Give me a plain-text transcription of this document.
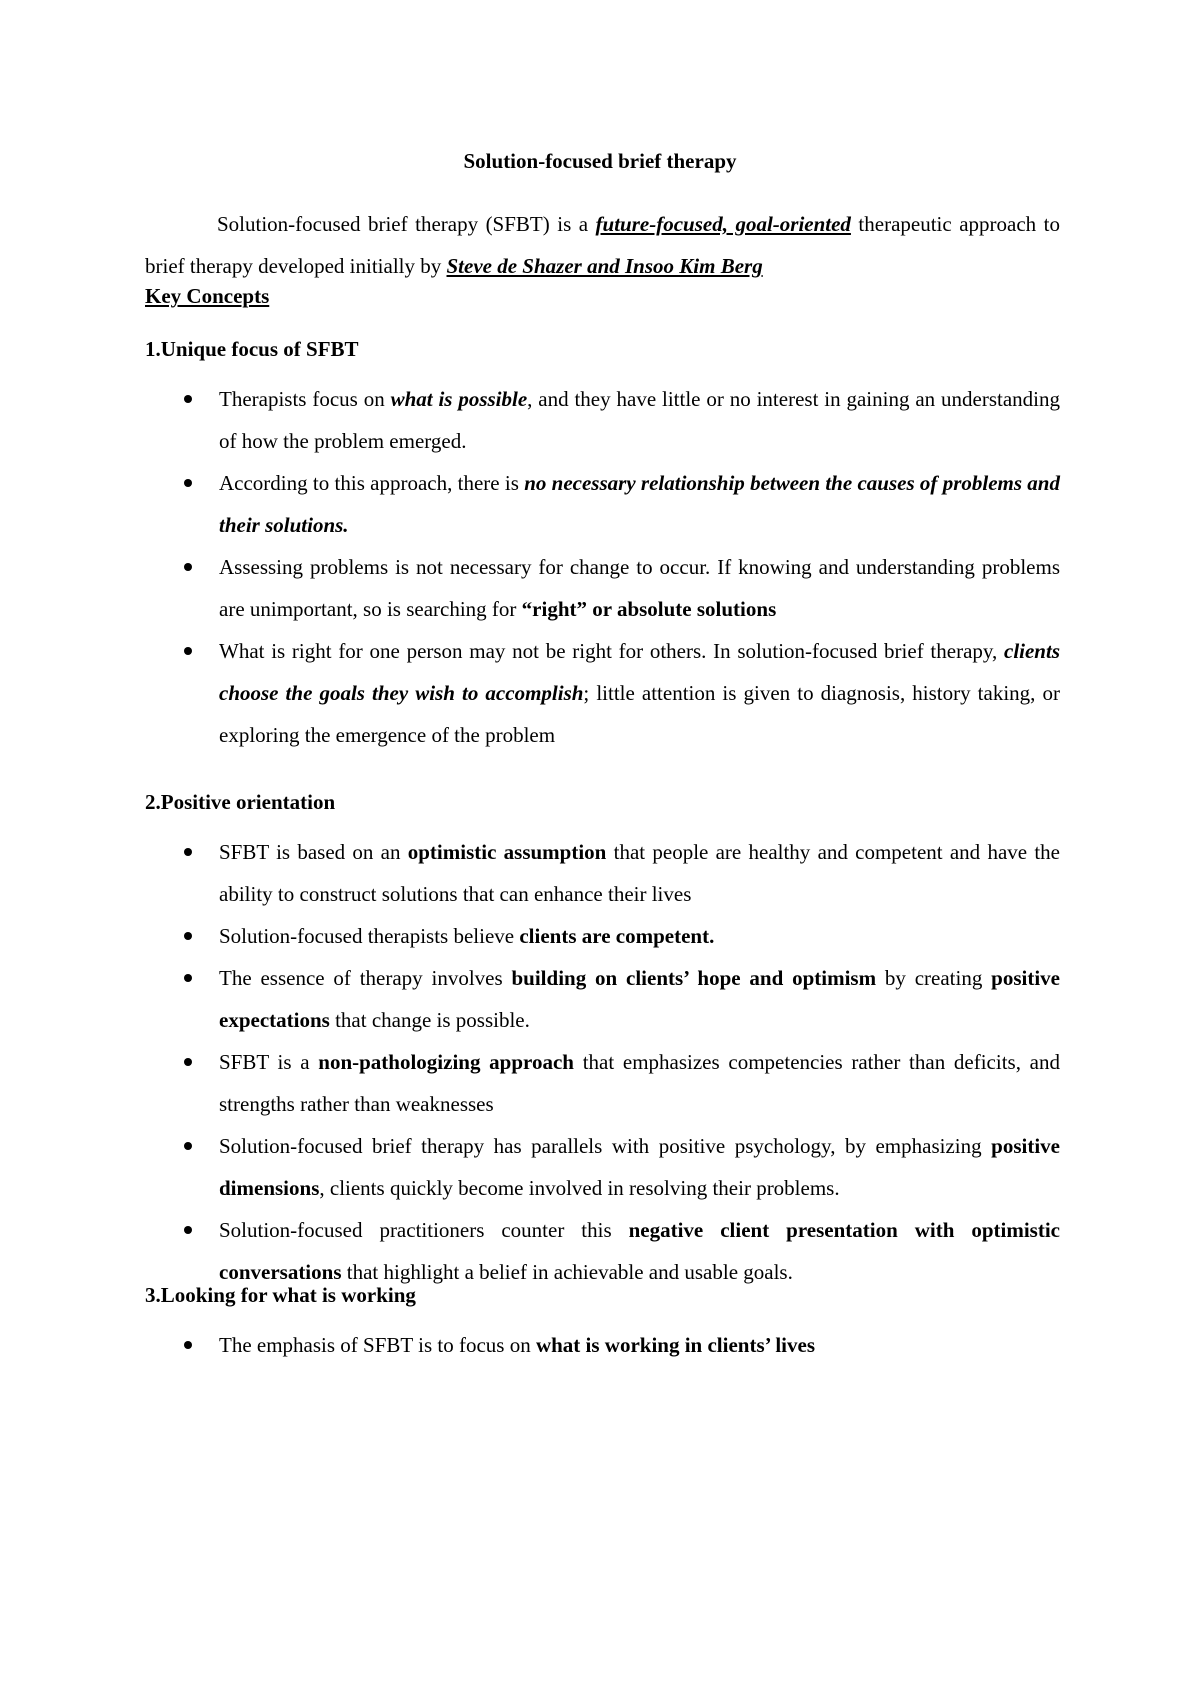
Solution-focused brief therapy

Solution-focused brief therapy (SFBT) is a future-focused, goal-oriented therapeutic approach to brief therapy developed initially by Steve de Shazer and Insoo Kim Berg

Key Concepts
1.Unique focus of SFBT
Therapists focus on what is possible, and they have little or no interest in gaining an understanding of how the problem emerged.
According to this approach, there is no necessary relationship between the causes of problems and their solutions.
Assessing problems is not necessary for change to occur. If knowing and understanding problems are unimportant, so is searching for “right” or absolute solutions
What is right for one person may not be right for others. In solution-focused brief therapy, clients choose the goals they wish to accomplish; little attention is given to diagnosis, history taking, or exploring the emergence of the problem
2.Positive orientation
SFBT is based on an optimistic assumption that people are healthy and competent and have the ability to construct solutions that can enhance their lives
Solution-focused therapists believe clients are competent.
The essence of therapy involves building on clients’ hope and optimism by creating positive expectations that change is possible.
SFBT is a non-pathologizing approach that emphasizes competencies rather than deficits, and strengths rather than weaknesses
Solution-focused brief therapy has parallels with positive psychology, by emphasizing positive dimensions, clients quickly become involved in resolving their problems.
Solution-focused practitioners counter this negative client presentation with optimistic conversations that highlight a belief in achievable and usable goals.
3.Looking for what is working
The emphasis of SFBT is to focus on what is working in clients’ lives
